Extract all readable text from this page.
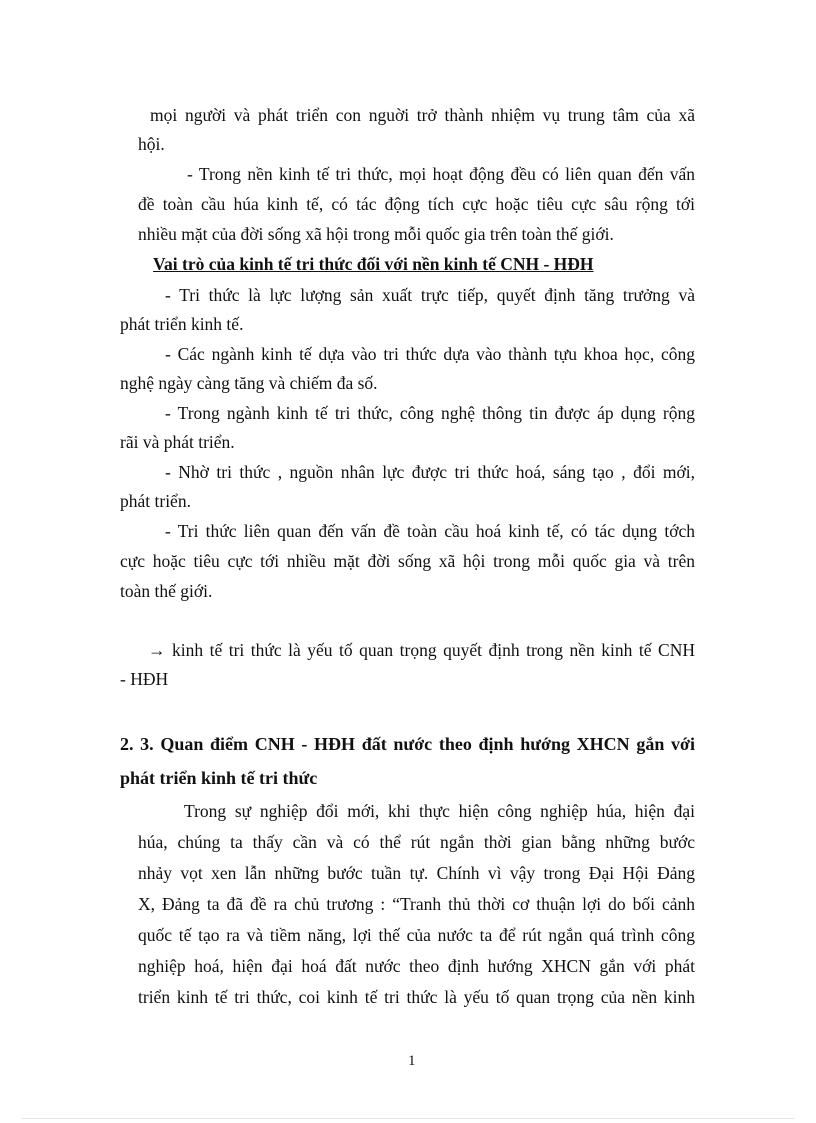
mọi người và phát triển con nguời trở thành nhiệm vụ trung tâm của xã
hội.
- Trong nền kinh tế tri thức, mọi hoạt động đều có liên quan đến vấn
đề toàn cầu húa kinh tế, có tác động tích cực hoặc tiêu cực sâu rộng tới
nhiều mặt của đời sống xã hội trong mỗi quốc gia trên toàn thế giới.
Vai trò của kinh tế tri thức đối với nền kinh tế CNH - HĐH
- Tri thức là lực lượng sản xuất trực tiếp, quyết định tăng trưởng và
phát triển kinh tế.
- Các ngành kinh tế dựa vào tri thức dựa vào thành tựu khoa học, công
nghệ ngày càng tăng và chiếm đa số.
- Trong ngành kinh tế tri thức, công nghệ thông tin được áp dụng rộng
rãi và phát triển.
- Nhờ tri thức , nguồn nhân lực được tri thức hoá, sáng tạo , đổi mới,
phát triển.
- Tri thức liên quan đến vấn đề toàn cầu hoá kinh tế, có tác dụng tớch
cực hoặc tiêu cực tới nhiều mặt đời sống xã hội trong mỗi quốc gia và trên
toàn thế giới.
→ kinh tế tri thức là yếu tố quan trọng quyết định trong nền kinh tế CNH
- HĐH
2. 3. Quan điểm CNH - HĐH đất nước theo định hướng XHCN gắn với
phát triển kinh tế tri thức
Trong sự nghiệp đổi mới, khi thực hiện công nghiệp húa, hiện đại
húa, chúng ta thấy cần và có thể rút ngắn thời gian bằng những bước
nhảy vọt xen lẫn những bước tuần tự. Chính vì vậy trong Đại Hội Đảng
X, Đảng ta đã đề ra chủ trương : “Tranh thủ thời cơ thuận lợi do bối cảnh
quốc tế tạo ra và tiềm năng, lợi thế của nước ta để rút ngắn quá trình công
nghiệp hoá, hiện đại hoá đất nước theo định hướng XHCN gắn với phát
triển kinh tế tri thức, coi kinh tế tri thức là yếu tố quan trọng của nền kinh
1
